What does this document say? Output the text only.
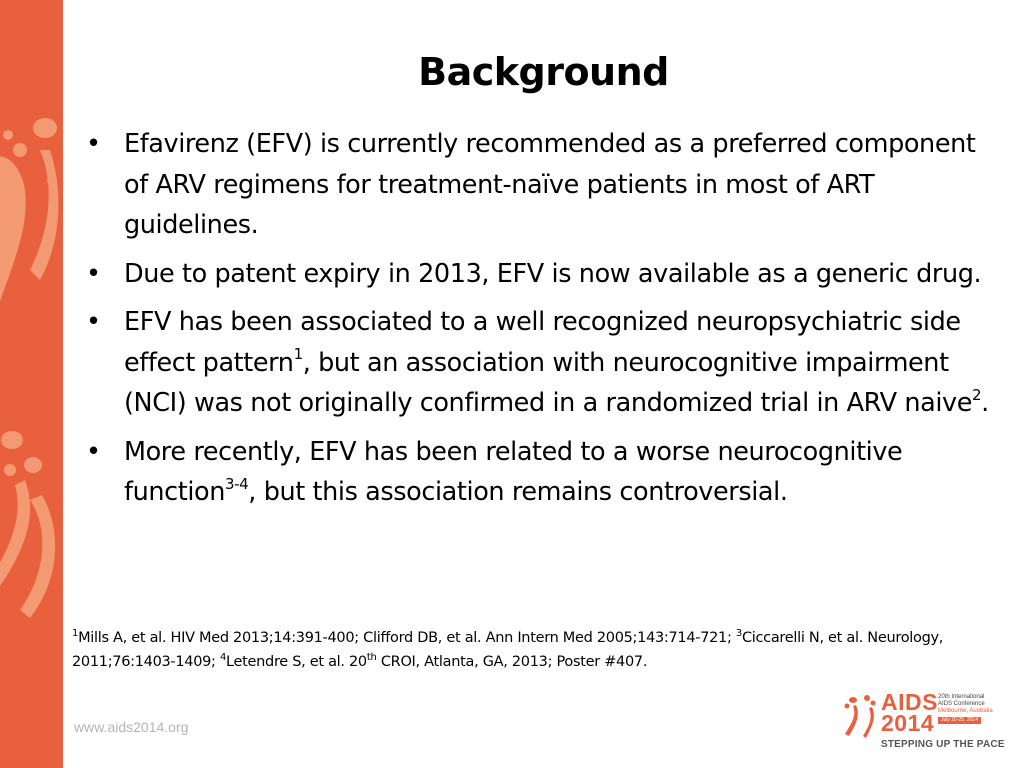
Background
• Efavirenz (EFV) is currently recommended as a preferred component of ARV regimens for treatment-naïve patients in most of ART guidelines.
• Due to patent expiry in 2013, EFV is now available as a generic drug.
• EFV has been associated to a well recognized neuropsychiatric side effect pattern$^1$, but an association with neurocognitive impairment (NCI) was not originally confirmed in a randomized trial in ARV naive$^2$.
• More recently, EFV has been related to a worse neurocognitive function$^{3-4}$, but this association remains controversial.
$^1$Mills A, et al. HIV Med 2013;14:391-400; Clifford DB, et al. Ann Intern Med 2005;143:714-721; $^3$Ciccarelli N, et al. Neurology, 2011;76:1403-1409; $^4$Letendre S, et al. 20th CROI, Atlanta, GA, 2013; Poster #407.
www.aids2014.org
AIDS
2014
20th International
AIDS Conference
Melbourne, Australia
July 20-25, 2014
STEPPING UP THE PACE
